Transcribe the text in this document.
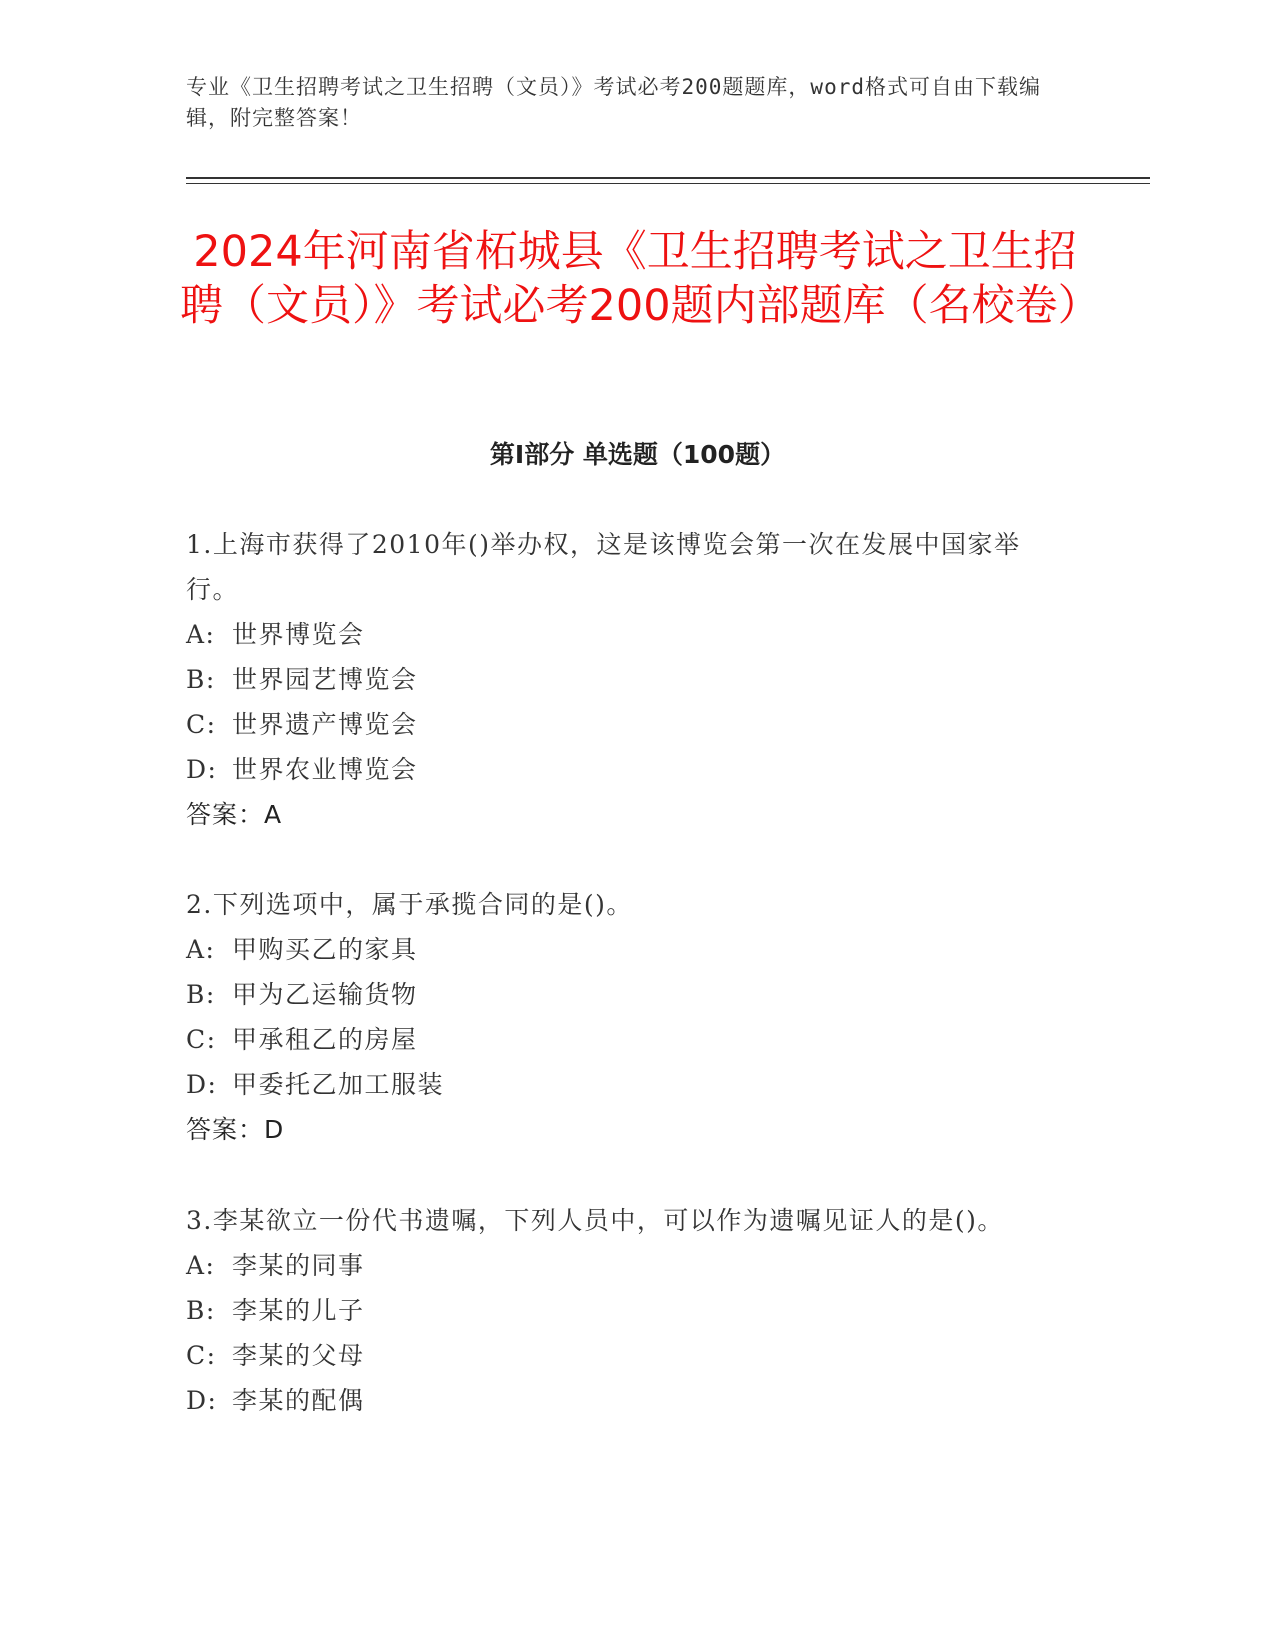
专业《卫生招聘考试之卫生招聘（文员）》考试必考200题题库，word格式可自由下载编辑，附完整答案！
2024年河南省柘城县《卫生招聘考试之卫生招聘（文员）》考试必考200题内部题库（名校卷）
第I部分 单选题（100题）
1.上海市获得了2010年()举办权，这是该博览会第一次在发展中国家举行。
A: 世界博览会
B: 世界园艺博览会
C: 世界遗产博览会
D: 世界农业博览会
答案：A
2.下列选项中，属于承揽合同的是()。
A: 甲购买乙的家具
B: 甲为乙运输货物
C: 甲承租乙的房屋
D: 甲委托乙加工服装
答案：D
3.李某欲立一份代书遗嘱，下列人员中，可以作为遗嘱见证人的是()。
A: 李某的同事
B: 李某的儿子
C: 李某的父母
D: 李某的配偶
